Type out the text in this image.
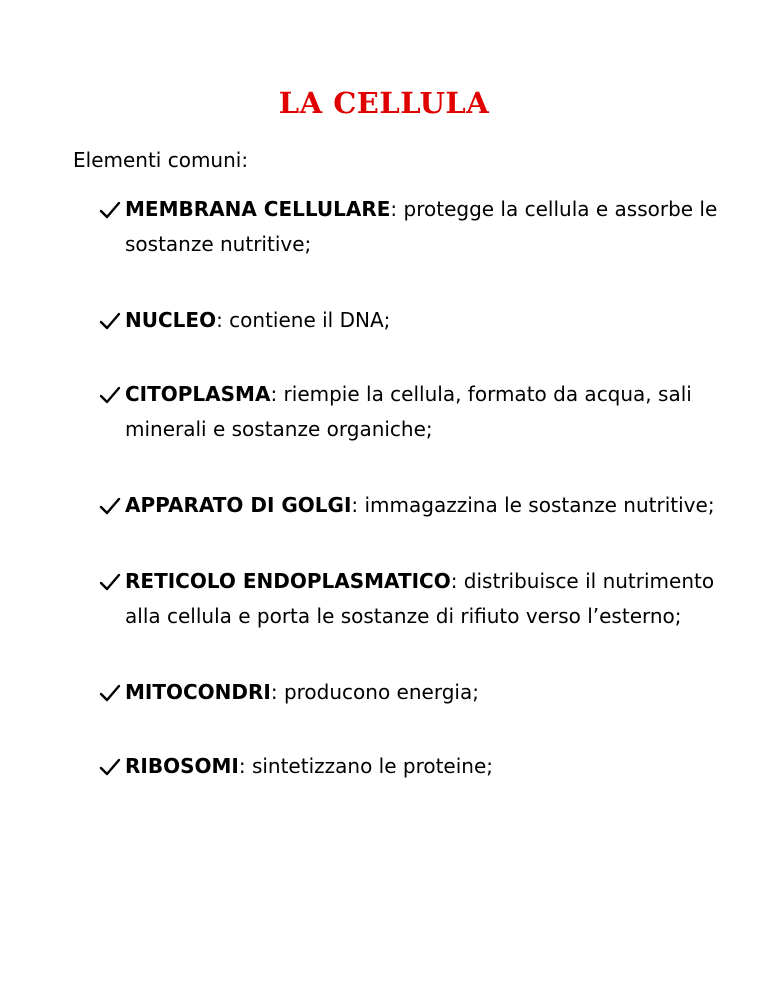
LA CELLULA
Elementi comuni:
MEMBRANA CELLULARE: protegge la cellula e assorbe le sostanze nutritive;
NUCLEO: contiene il DNA;
CITOPLASMA: riempie la cellula, formato da acqua, sali minerali e sostanze organiche;
APPARATO DI GOLGI: immagazzina le sostanze nutritive;
RETICOLO ENDOPLASMATICO: distribuisce il nutrimento alla cellula e porta le sostanze di rifiuto verso l’esterno;
MITOCONDRI: producono energia;
RIBOSOMI: sintetizzano le proteine;
